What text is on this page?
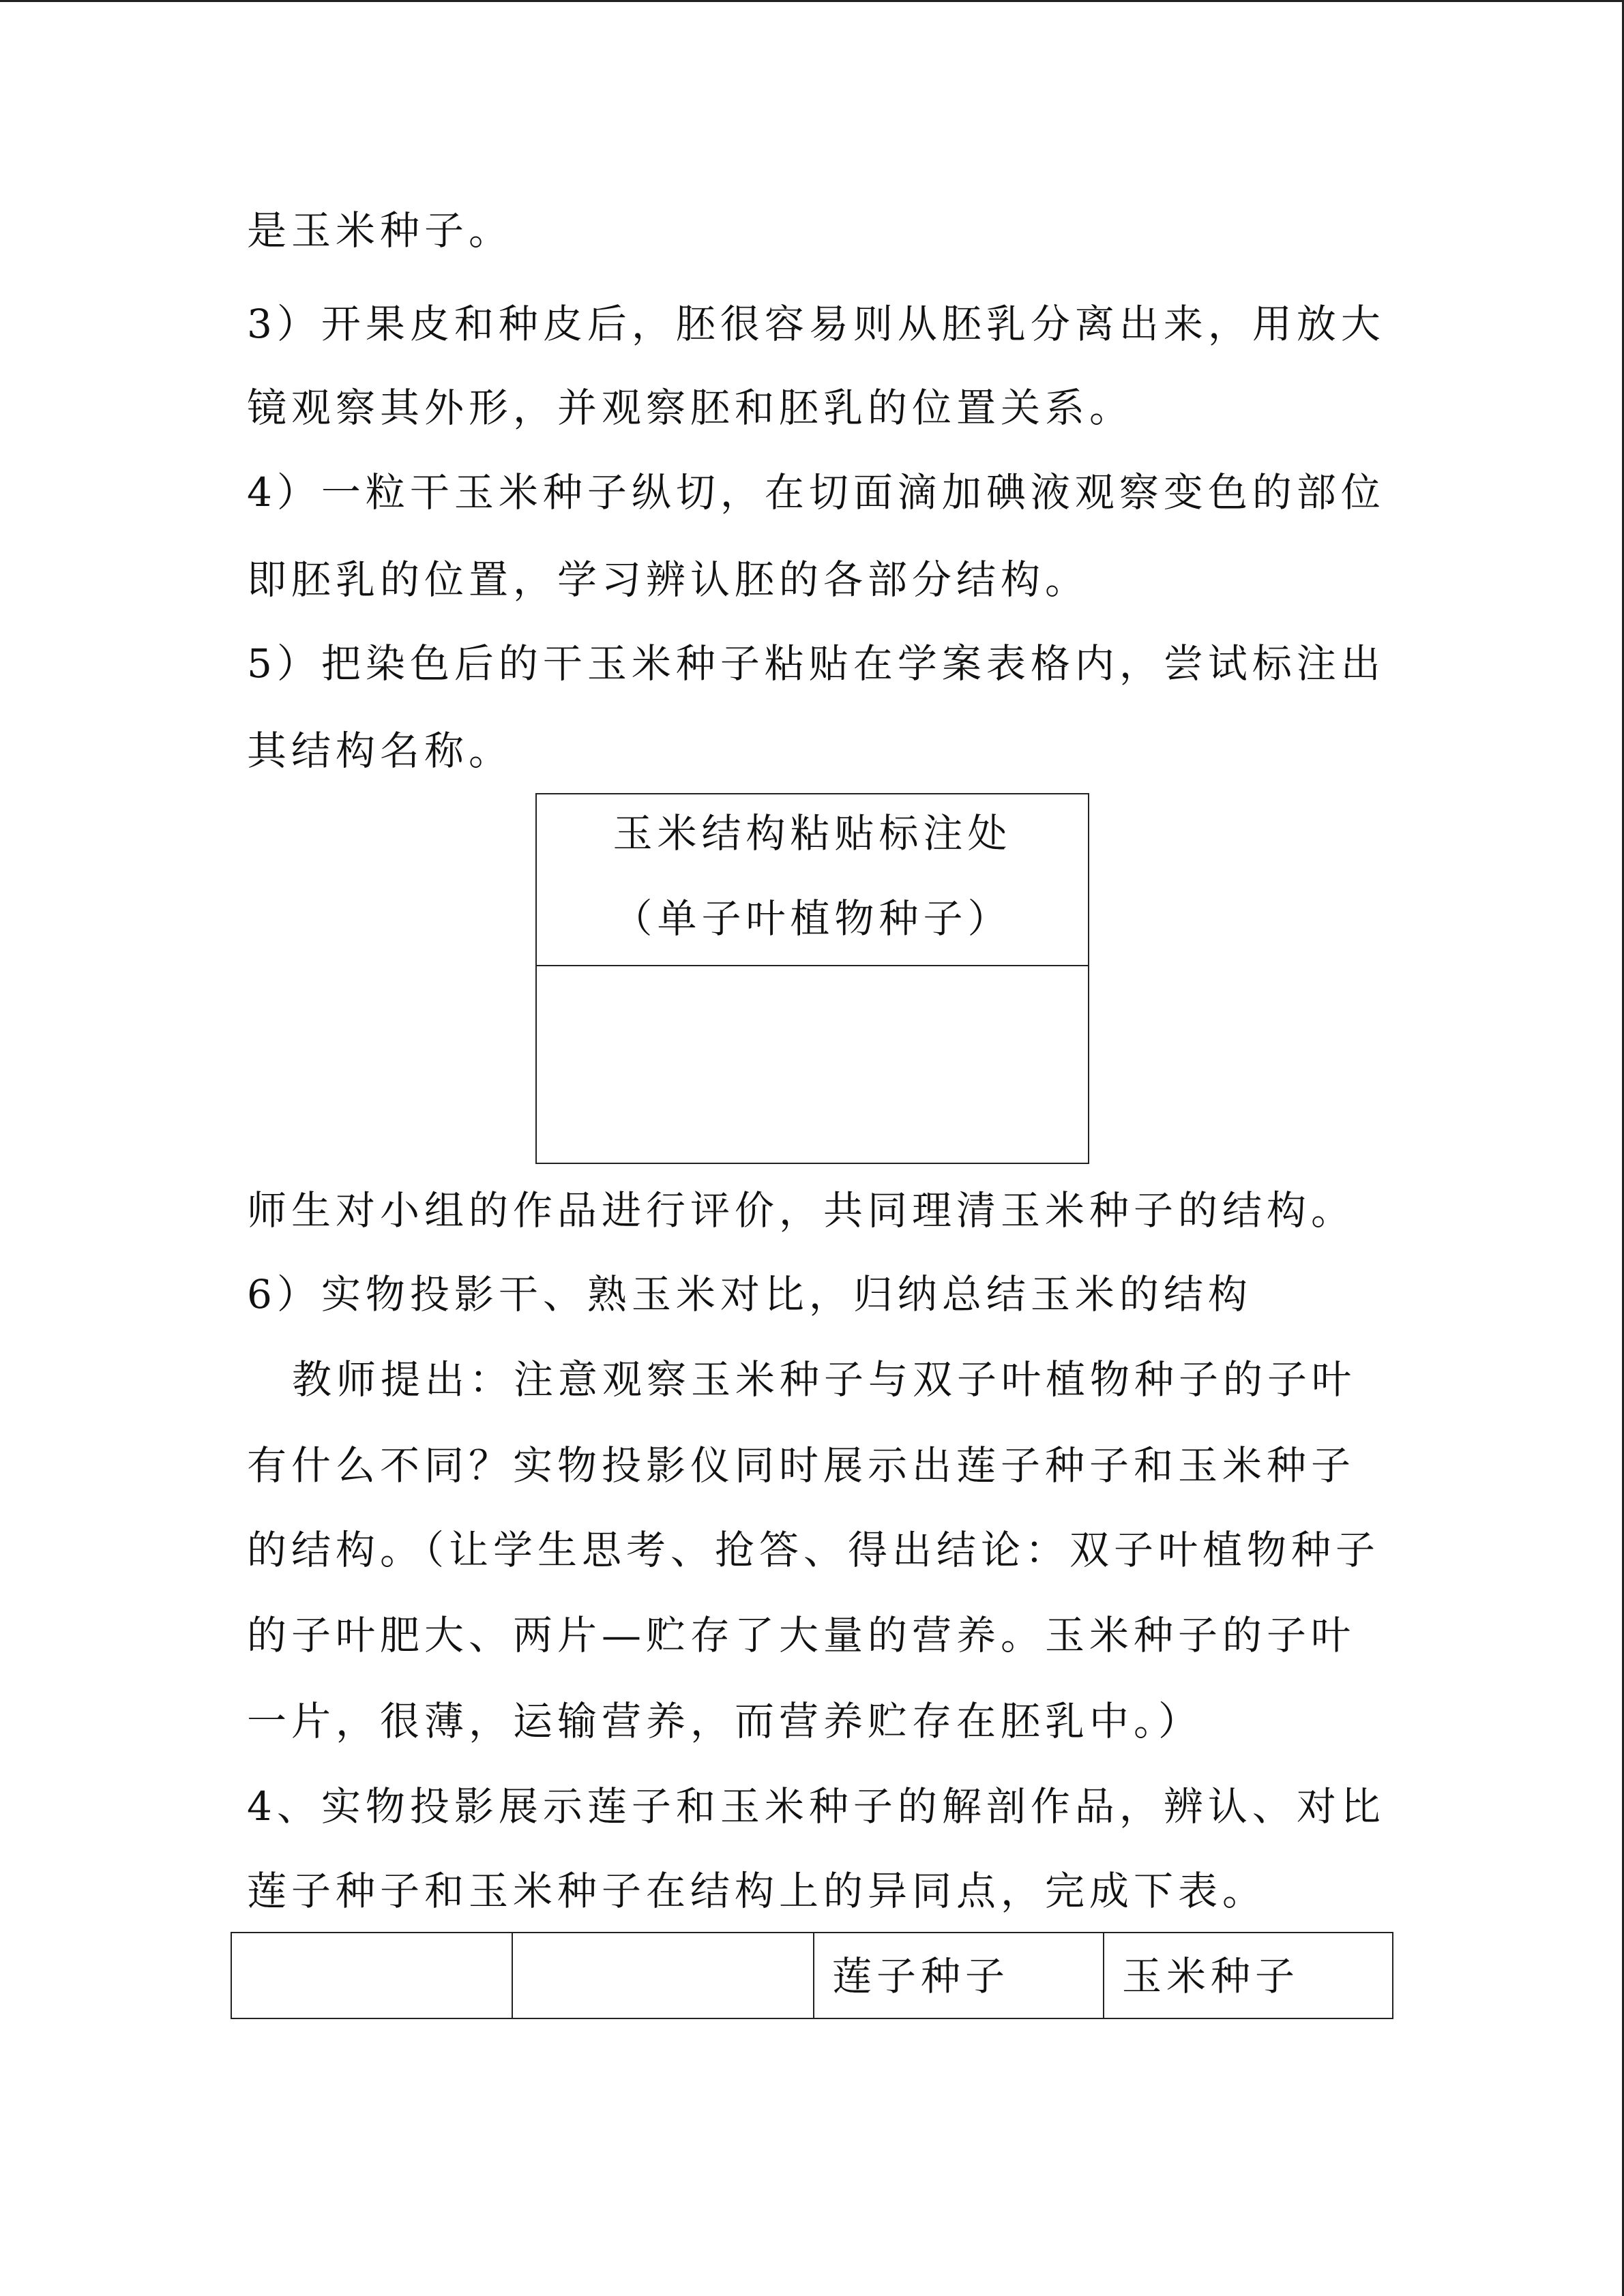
是玉米种子。
3）开果皮和种皮后，胚很容易则从胚乳分离出来，用放大
镜观察其外形，并观察胚和胚乳的位置关系。
4）一粒干玉米种子纵切，在切面滴加碘液观察变色的部位
即胚乳的位置，学习辨认胚的各部分结构。
5）把染色后的干玉米种子粘贴在学案表格内，尝试标注出
其结构名称。
玉米结构粘贴标注处
（单子叶植物种子）
师生对小组的作品进行评价，共同理清玉米种子的结构。
6）实物投影干、熟玉米对比，归纳总结玉米的结构
教师提出：注意观察玉米种子与双子叶植物种子的子叶
有什么不同？实物投影仪同时展示出莲子种子和玉米种子
的结构。（让学生思考、抢答、得出结论：双子叶植物种子
的子叶肥大、两片—贮存了大量的营养。玉米种子的子叶
一片，很薄，运输营养，而营养贮存在胚乳中。）
4、实物投影展示莲子和玉米种子的解剖作品，辨认、对比
莲子种子和玉米种子在结构上的异同点，完成下表。
莲子种子	玉米种子
